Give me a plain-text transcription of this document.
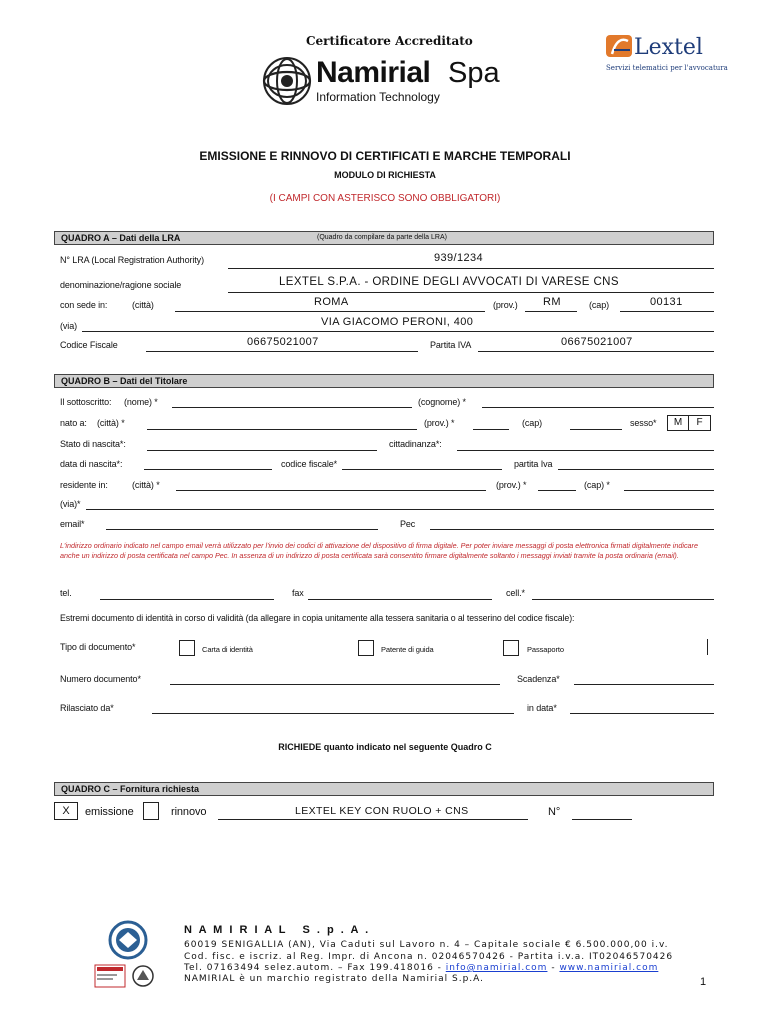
Certificatore Accreditato
Namirial Spa
Information Technology
Lextel
Servizi telematici per l'avvocatura
EMISSIONE E RINNOVO DI CERTIFICATI E MARCHE TEMPORALI
MODULO DI RICHIESTA
(I CAMPI CON ASTERISCO SONO OBBLIGATORI)
QUADRO A – Dati della LRA	(Quadro da compilare da parte della LRA)
N° LRA (Local Registration Authority)	939/1234
denominazione/ragione sociale	LEXTEL S.P.A. - ORDINE DEGLI AVVOCATI DI VARESE CNS
con sede in:	(città)	ROMA	(prov.) RM	(cap)	00131
(via)	VIA GIACOMO PERONI, 400
Codice Fiscale	06675021007	Partita IVA	06675021007
QUADRO B – Dati del Titolare
Il sottoscritto: (nome) *	(cognome) *
nato a: (città) *	(prov.) *	(cap)	sesso*	M	F
Stato di nascita*:	cittadinanza*:
data di nascita*:	codice fiscale*	partita Iva
residente in:	(città) *	(prov.) *	(cap) *
(via)*
email*	Pec
L'indirizzo ordinario indicato nel campo email verrà utilizzato per l'invio dei codici di attivazione del dispositivo di firma digitale. Per poter inviare messaggi di posta elettronica firmati digitalmente indicare anche un indirizzo di posta certificata nel campo Pec. In assenza di un indirizzo di posta certificata sarà consentito firmare digitalmente soltanto i messaggi inviati tramite la posta ordinaria (email).
tel.	fax	cell.*
Estremi documento di identità in corso di validità (da allegare in copia unitamente alla tessera sanitaria o al tesserino del codice fiscale):
Tipo di documento*	Carta di identità	Patente di guida	Passaporto
Numero documento*	Scadenza*
Rilasciato da*	in data*
RICHIEDE quanto indicato nel seguente Quadro C
QUADRO C – Fornitura richiesta
X	emissione	rinnovo	LEXTEL KEY CON RUOLO + CNS	N°
N A M I R I A L   S . p . A .
60019 SENIGALLIA (AN), Via Caduti sul Lavoro n. 4 – Capitale sociale € 6.500.000,00 i.v.
Cod. fisc. e iscriz. al Reg. Impr. di Ancona n. 02046570426 - Partita i.v.a. IT02046570426
Tel. 07163494 selez.autom. – Fax 199.418016 - info@namirial.com - www.namirial.com
NAMIRIAL è un marchio registrato della Namirial S.p.A.	1
